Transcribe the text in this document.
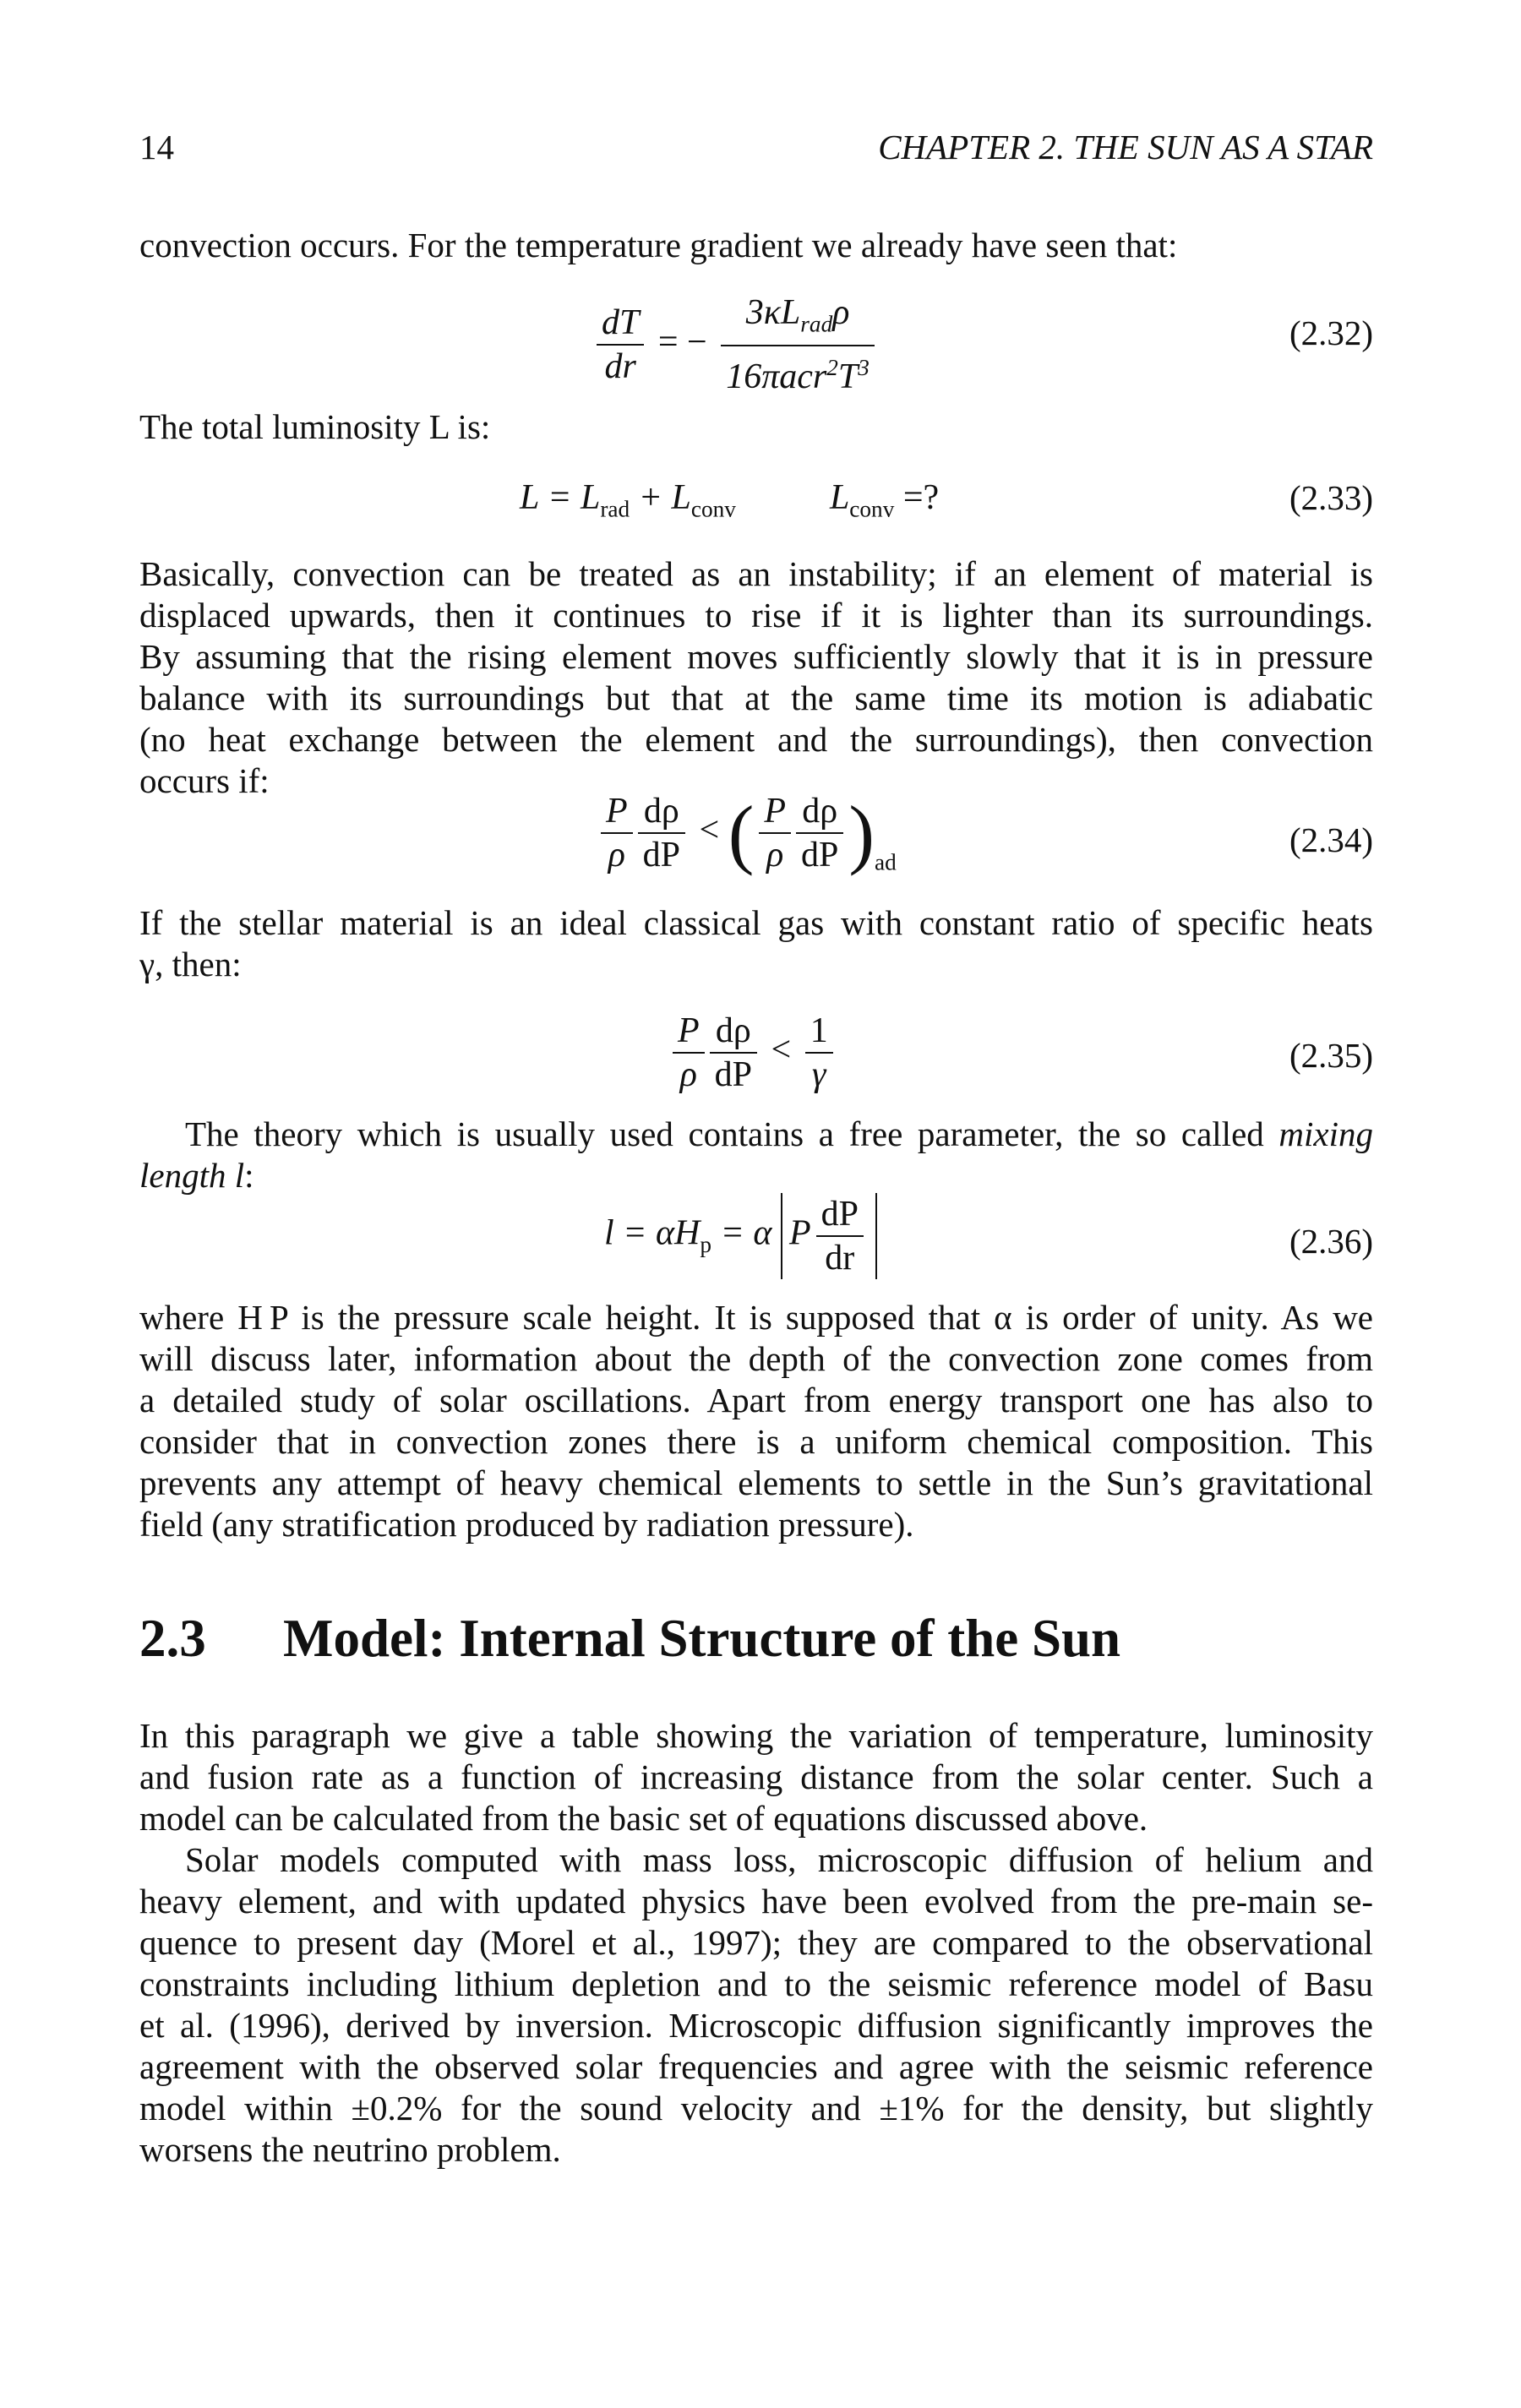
14	CHAPTER 2. THE SUN AS A STAR
convection occurs. For the temperature gradient we already have seen that:
$\frac{dT}{dr}$ = − $\frac{3\kappa L_{rad}\rho}{16\pi acr^2T^3}$	(2.32)
The total luminosity L is:
$L = L_{rad} + L_{conv}$	$L_{conv}$ =?	(2.33)
Basically, convection can be treated as an instability; if an element of material is
displaced upwards, then it continues to rise if it is lighter than its surroundings.
By assuming that the rising element moves sufficiently slowly that it is in pressure
balance with its surroundings but that at the same time its motion is adiabatic
(no heat exchange between the element and the surroundings), then convection
occurs if:
$\frac{P}{\rho} \frac{d\rho}{dP}$ < ( $\frac{P}{\rho} \frac{d\rho}{dP} )_{ad}$
(2.34)
If the stellar material is an ideal classical gas with constant ratio of specific heats
γ, then:
$\frac{P}{\rho} \frac{d\rho}{dP} < \frac{1}{\gamma}$	(2.35)
The theory which is usually used contains a free parameter, the so called mixing
length l:
$l = \alpha H_p = \alpha$ P $\frac{dP}{dr}$	(2.36)
where H P is the pressure scale height. It is supposed that α is order of unity. As we
will discuss later, information about the depth of the convection zone comes from
a detailed study of solar oscillations. Apart from energy transport one has also to
consider that in convection zones there is a uniform chemical composition. This
prevents any attempt of heavy chemical elements to settle in the Sun’s gravitational
field (any stratification produced by radiation pressure).
2.3 Model: Internal Structure of the Sun
In this paragraph we give a table showing the variation of temperature, luminosity
and fusion rate as a function of increasing distance from the solar center. Such a
model can be calculated from the basic set of equations discussed above.
Solar models computed with mass loss, microscopic diffusion of helium and
heavy element, and with updated physics have been evolved from the pre-main se-
quence to present day (Morel et al., 1997); they are compared to the observational
constraints including lithium depletion and to the seismic reference model of Basu
et al. (1996), derived by inversion. Microscopic diffusion significantly improves the
agreement with the observed solar frequencies and agree with the seismic reference
model within ±0.2% for the sound velocity and ±1% for the density, but slightly
worsens the neutrino problem.
